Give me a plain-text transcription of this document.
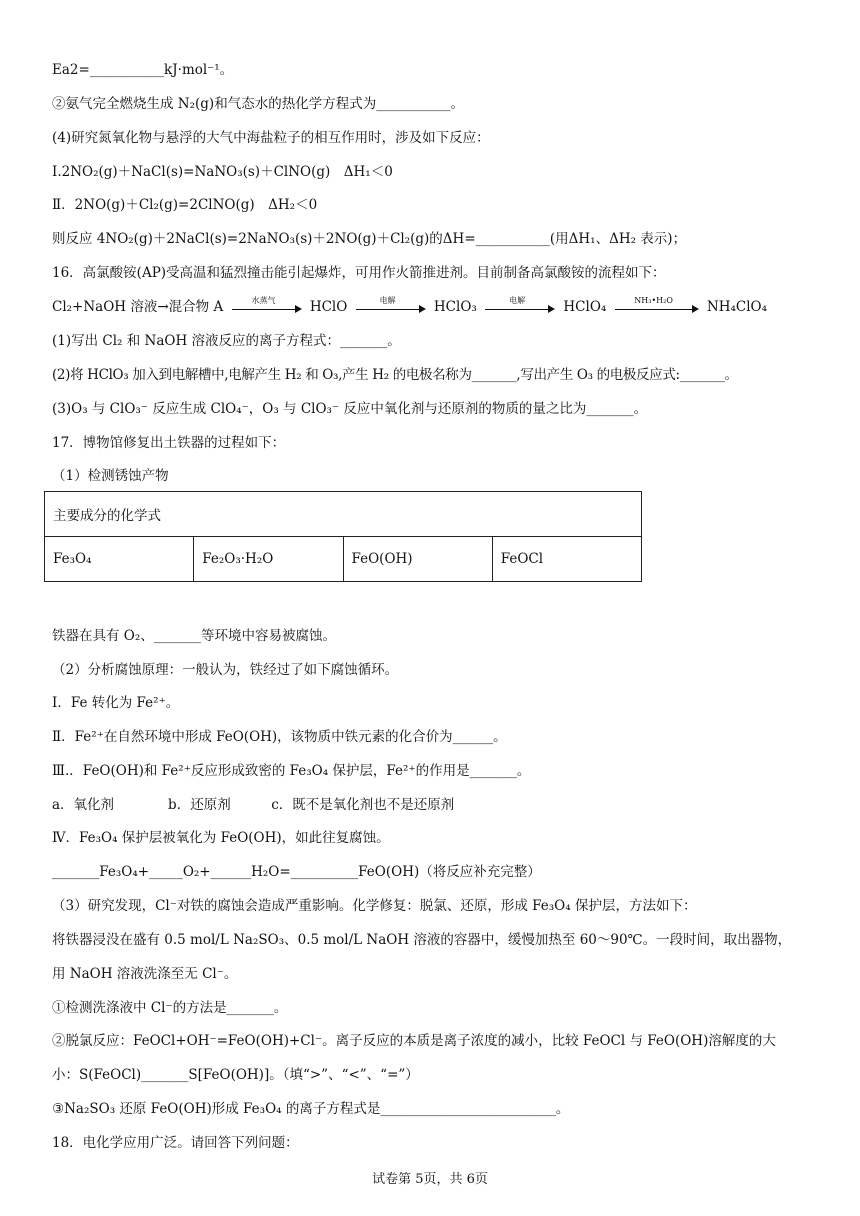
Ea2=___________kJ·mol⁻¹。
②氨气完全燃烧生成 N₂(g)和气态水的热化学方程式为___________。
(4)研究氮氧化物与悬浮的大气中海盐粒子的相互作用时，涉及如下反应：
Ⅰ.2NO₂(g)＋NaCl(s)=NaNO₃(s)＋ClNO(g)　ΔH₁＜0
Ⅱ．2NO(g)＋Cl₂(g)=2ClNO(g)　ΔH₂＜0
则反应 4NO₂(g)＋2NaCl(s)=2NaNO₃(s)＋2NO(g)＋Cl₂(g)的ΔH=___________(用ΔH₁、ΔH₂ 表示)；
16．高氯酸铵(AP)受高温和猛烈撞击能引起爆炸，可用作火箭推进剂。目前制备高氯酸铵的流程如下：
Cl₂+NaOH 溶液→混合物 A	水蒸气	HClO	电解	HClO₃	电解	HClO₄	NH₃•H₂O	NH₄ClO₄
(1)写出 Cl₂ 和 NaOH 溶液反应的离子方程式：_______。
(2)将 HClO₃ 加入到电解槽中,电解产生 H₂ 和 O₃,产生 H₂ 的电极名称为_______,写出产生 O₃ 的电极反应式:_______。
(3)O₃ 与 ClO₃⁻ 反应生成 ClO₄⁻，O₃ 与 ClO₃⁻ 反应中氧化剂与还原剂的物质的量之比为_______。
17．博物馆修复出土铁器的过程如下：
（1）检测锈蚀产物
主要成分的化学式
Fe₃O₄	Fe₂O₃·H₂O	FeO(OH)	FeOCl
铁器在具有 O₂、_______等环境中容易被腐蚀。
（2）分析腐蚀原理：一般认为，铁经过了如下腐蚀循环。
Ⅰ．Fe 转化为 Fe²⁺。
Ⅱ．Fe²⁺在自然环境中形成 FeO(OH)，该物质中铁元素的化合价为______。
Ⅲ.．FeO(OH)和 Fe²⁺反应形成致密的 Fe₃O₄ 保护层，Fe²⁺的作用是_______。
a．氧化剂　　　　b．还原剂　　　c．既不是氧化剂也不是还原剂
Ⅳ．Fe₃O₄ 保护层被氧化为 FeO(OH)，如此往复腐蚀。
_______Fe₃O₄+_____O₂+______H₂O=__________FeO(OH)（将反应补充完整）
（3）研究发现，Cl⁻对铁的腐蚀会造成严重影响。化学修复：脱氯、还原，形成 Fe₃O₄ 保护层，方法如下：
将铁器浸没在盛有 0.5 mol/L Na₂SO₃、0.5 mol/L NaOH 溶液的容器中，缓慢加热至 60～90℃。一段时间，取出器物，
用 NaOH 溶液洗涤至无 Cl⁻。
①检测洗涤液中 Cl⁻的方法是_______。
②脱氯反应：FeOCl+OH⁻=FeO(OH)+Cl⁻。离子反应的本质是离子浓度的减小，比较 FeOCl 与 FeO(OH)溶解度的大
小：S(FeOCl)_______S[FeO(OH)]。（填“>”、“<”、“=”）
③Na₂SO₃ 还原 FeO(OH)形成 Fe₃O₄ 的离子方程式是__________________________。
18．电化学应用广泛。请回答下列问题：
试卷第 5页，共 6页
